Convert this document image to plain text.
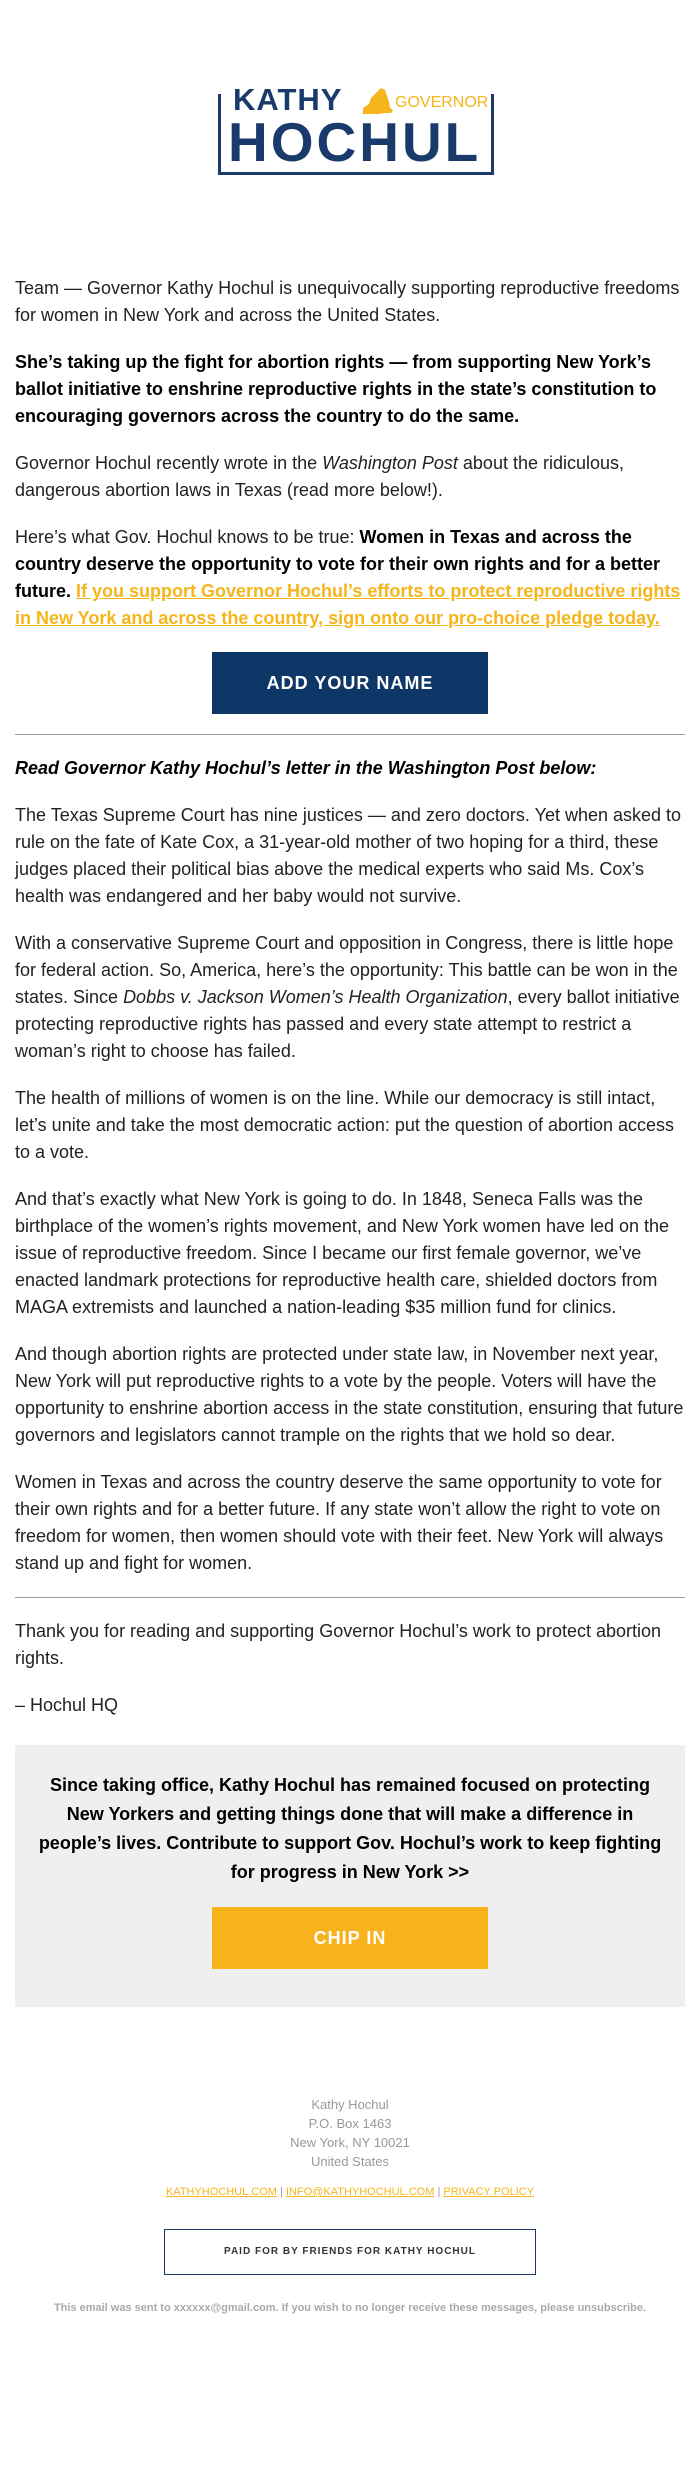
KATHY	GOVERNOR
HOCHUL

Team — Governor Kathy Hochul is unequivocally supporting reproductive freedoms for women in New York and across the United States.

She’s taking up the fight for abortion rights — from supporting New York’s ballot initiative to enshrine reproductive rights in the state’s constitution to encouraging governors across the country to do the same.

Governor Hochul recently wrote in the Washington Post about the ridiculous, dangerous abortion laws in Texas (read more below!).

Here’s what Gov. Hochul knows to be true: Women in Texas and across the country deserve the opportunity to vote for their own rights and for a better future. If you support Governor Hochul’s efforts to protect reproductive rights in New York and across the country, sign onto our pro-choice pledge today.

ADD YOUR NAME

Read Governor Kathy Hochul’s letter in the Washington Post below:

The Texas Supreme Court has nine justices — and zero doctors. Yet when asked to rule on the fate of Kate Cox, a 31-year-old mother of two hoping for a third, these judges placed their political bias above the medical experts who said Ms. Cox’s health was endangered and her baby would not survive.

With a conservative Supreme Court and opposition in Congress, there is little hope for federal action. So, America, here’s the opportunity: This battle can be won in the states. Since Dobbs v. Jackson Women’s Health Organization, every ballot initiative protecting reproductive rights has passed and every state attempt to restrict a woman’s right to choose has failed.

The health of millions of women is on the line. While our democracy is still intact, let’s unite and take the most democratic action: put the question of abortion access to a vote.

And that’s exactly what New York is going to do. In 1848, Seneca Falls was the birthplace of the women’s rights movement, and New York women have led on the issue of reproductive freedom. Since I became our first female governor, we’ve enacted landmark protections for reproductive health care, shielded doctors from MAGA extremists and launched a nation-leading $35 million fund for clinics.

And though abortion rights are protected under state law, in November next year, New York will put reproductive rights to a vote by the people. Voters will have the opportunity to enshrine abortion access in the state constitution, ensuring that future governors and legislators cannot trample on the rights that we hold so dear.

Women in Texas and across the country deserve the same opportunity to vote for their own rights and for a better future. If any state won’t allow the right to vote on freedom for women, then women should vote with their feet. New York will always stand up and fight for women.

Thank you for reading and supporting Governor Hochul’s work to protect abortion rights.

– Hochul HQ

Since taking office, Kathy Hochul has remained focused on protecting New Yorkers and getting things done that will make a difference in people’s lives. Contribute to support Gov. Hochul’s work to keep fighting for progress in New York >>

CHIP IN
Kathy Hochul
P.O. Box 1463
New York, NY 10021
United States
KATHYHOCHUL.COM | INFO@KATHYHOCHUL.COM | PRIVACY POLICY
PAID FOR BY FRIENDS FOR KATHY HOCHUL
This email was sent to xxxxxx@gmail.com. If you wish to no longer receive these messages, please unsubscribe.
